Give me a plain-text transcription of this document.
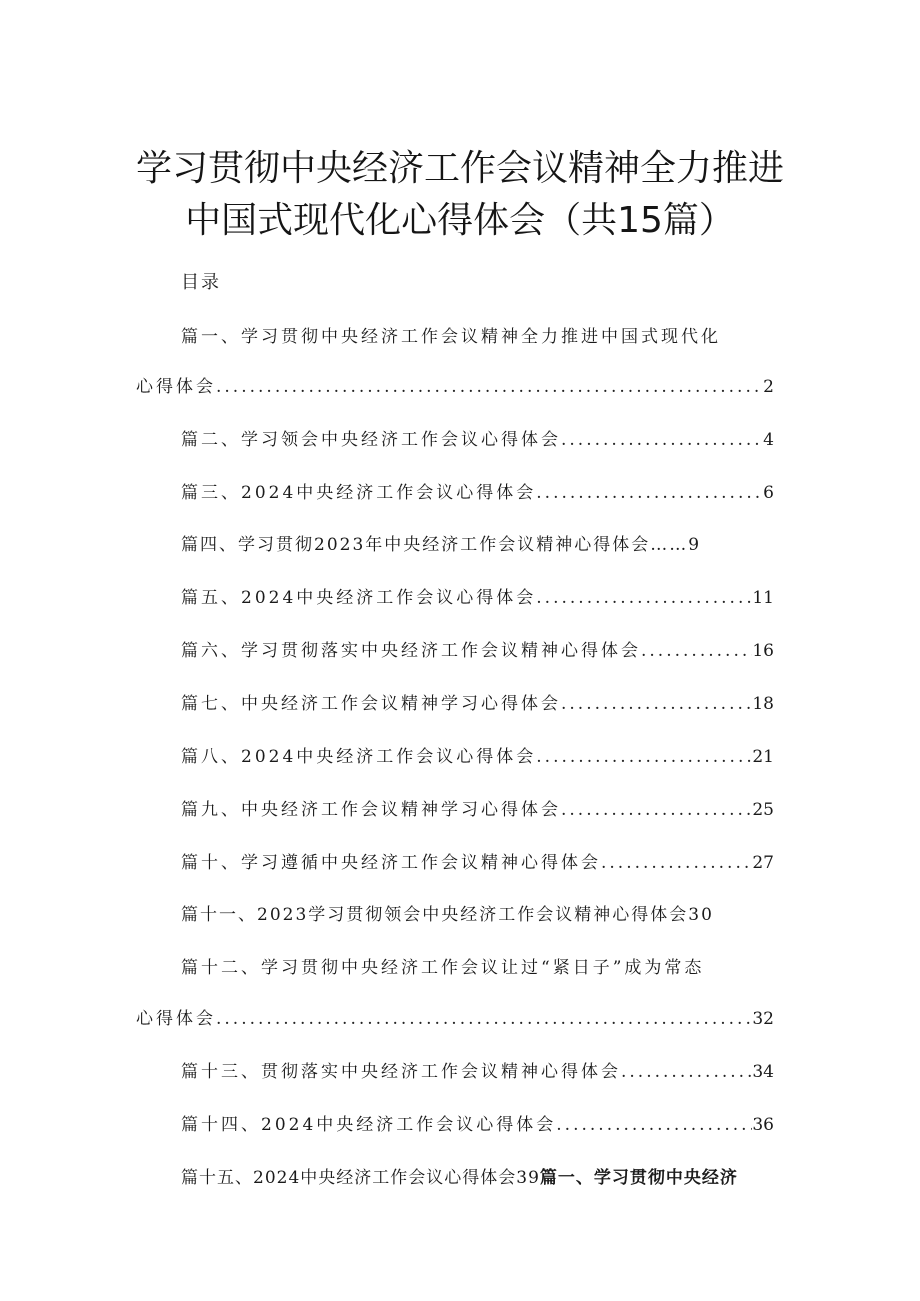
学习贯彻中央经济工作会议精神全力推进
中国式现代化心得体会（共15篇）
目录
篇一、学习贯彻中央经济工作会议精神全力推进中国式现代化
心得体会 .....	2
篇二、学习领会中央经济工作会议心得体会 .....	4
篇三、2024中央经济工作会议心得体会 .....	6
篇四、学习贯彻2023年中央经济工作会议精神心得体会……9
篇五、2024中央经济工作会议心得体会 .....	11
篇六、学习贯彻落实中央经济工作会议精神心得体会 .....	16
篇七、中央经济工作会议精神学习心得体会 .....	18
篇八、2024中央经济工作会议心得体会 .....	21
篇九、中央经济工作会议精神学习心得体会 .....	25
篇十、学习遵循中央经济工作会议精神心得体会 .....	27
篇十一、2023学习贯彻领会中央经济工作会议精神心得体会30
篇十二、学习贯彻中央经济工作会议让过“紧日子”成为常态
心得体会 .....	32
篇十三、贯彻落实中央经济工作会议精神心得体会 .....	34
篇十四、2024中央经济工作会议心得体会 .....	36
篇十五、2024中央经济工作会议心得体会39篇一、学习贯彻中央经济
